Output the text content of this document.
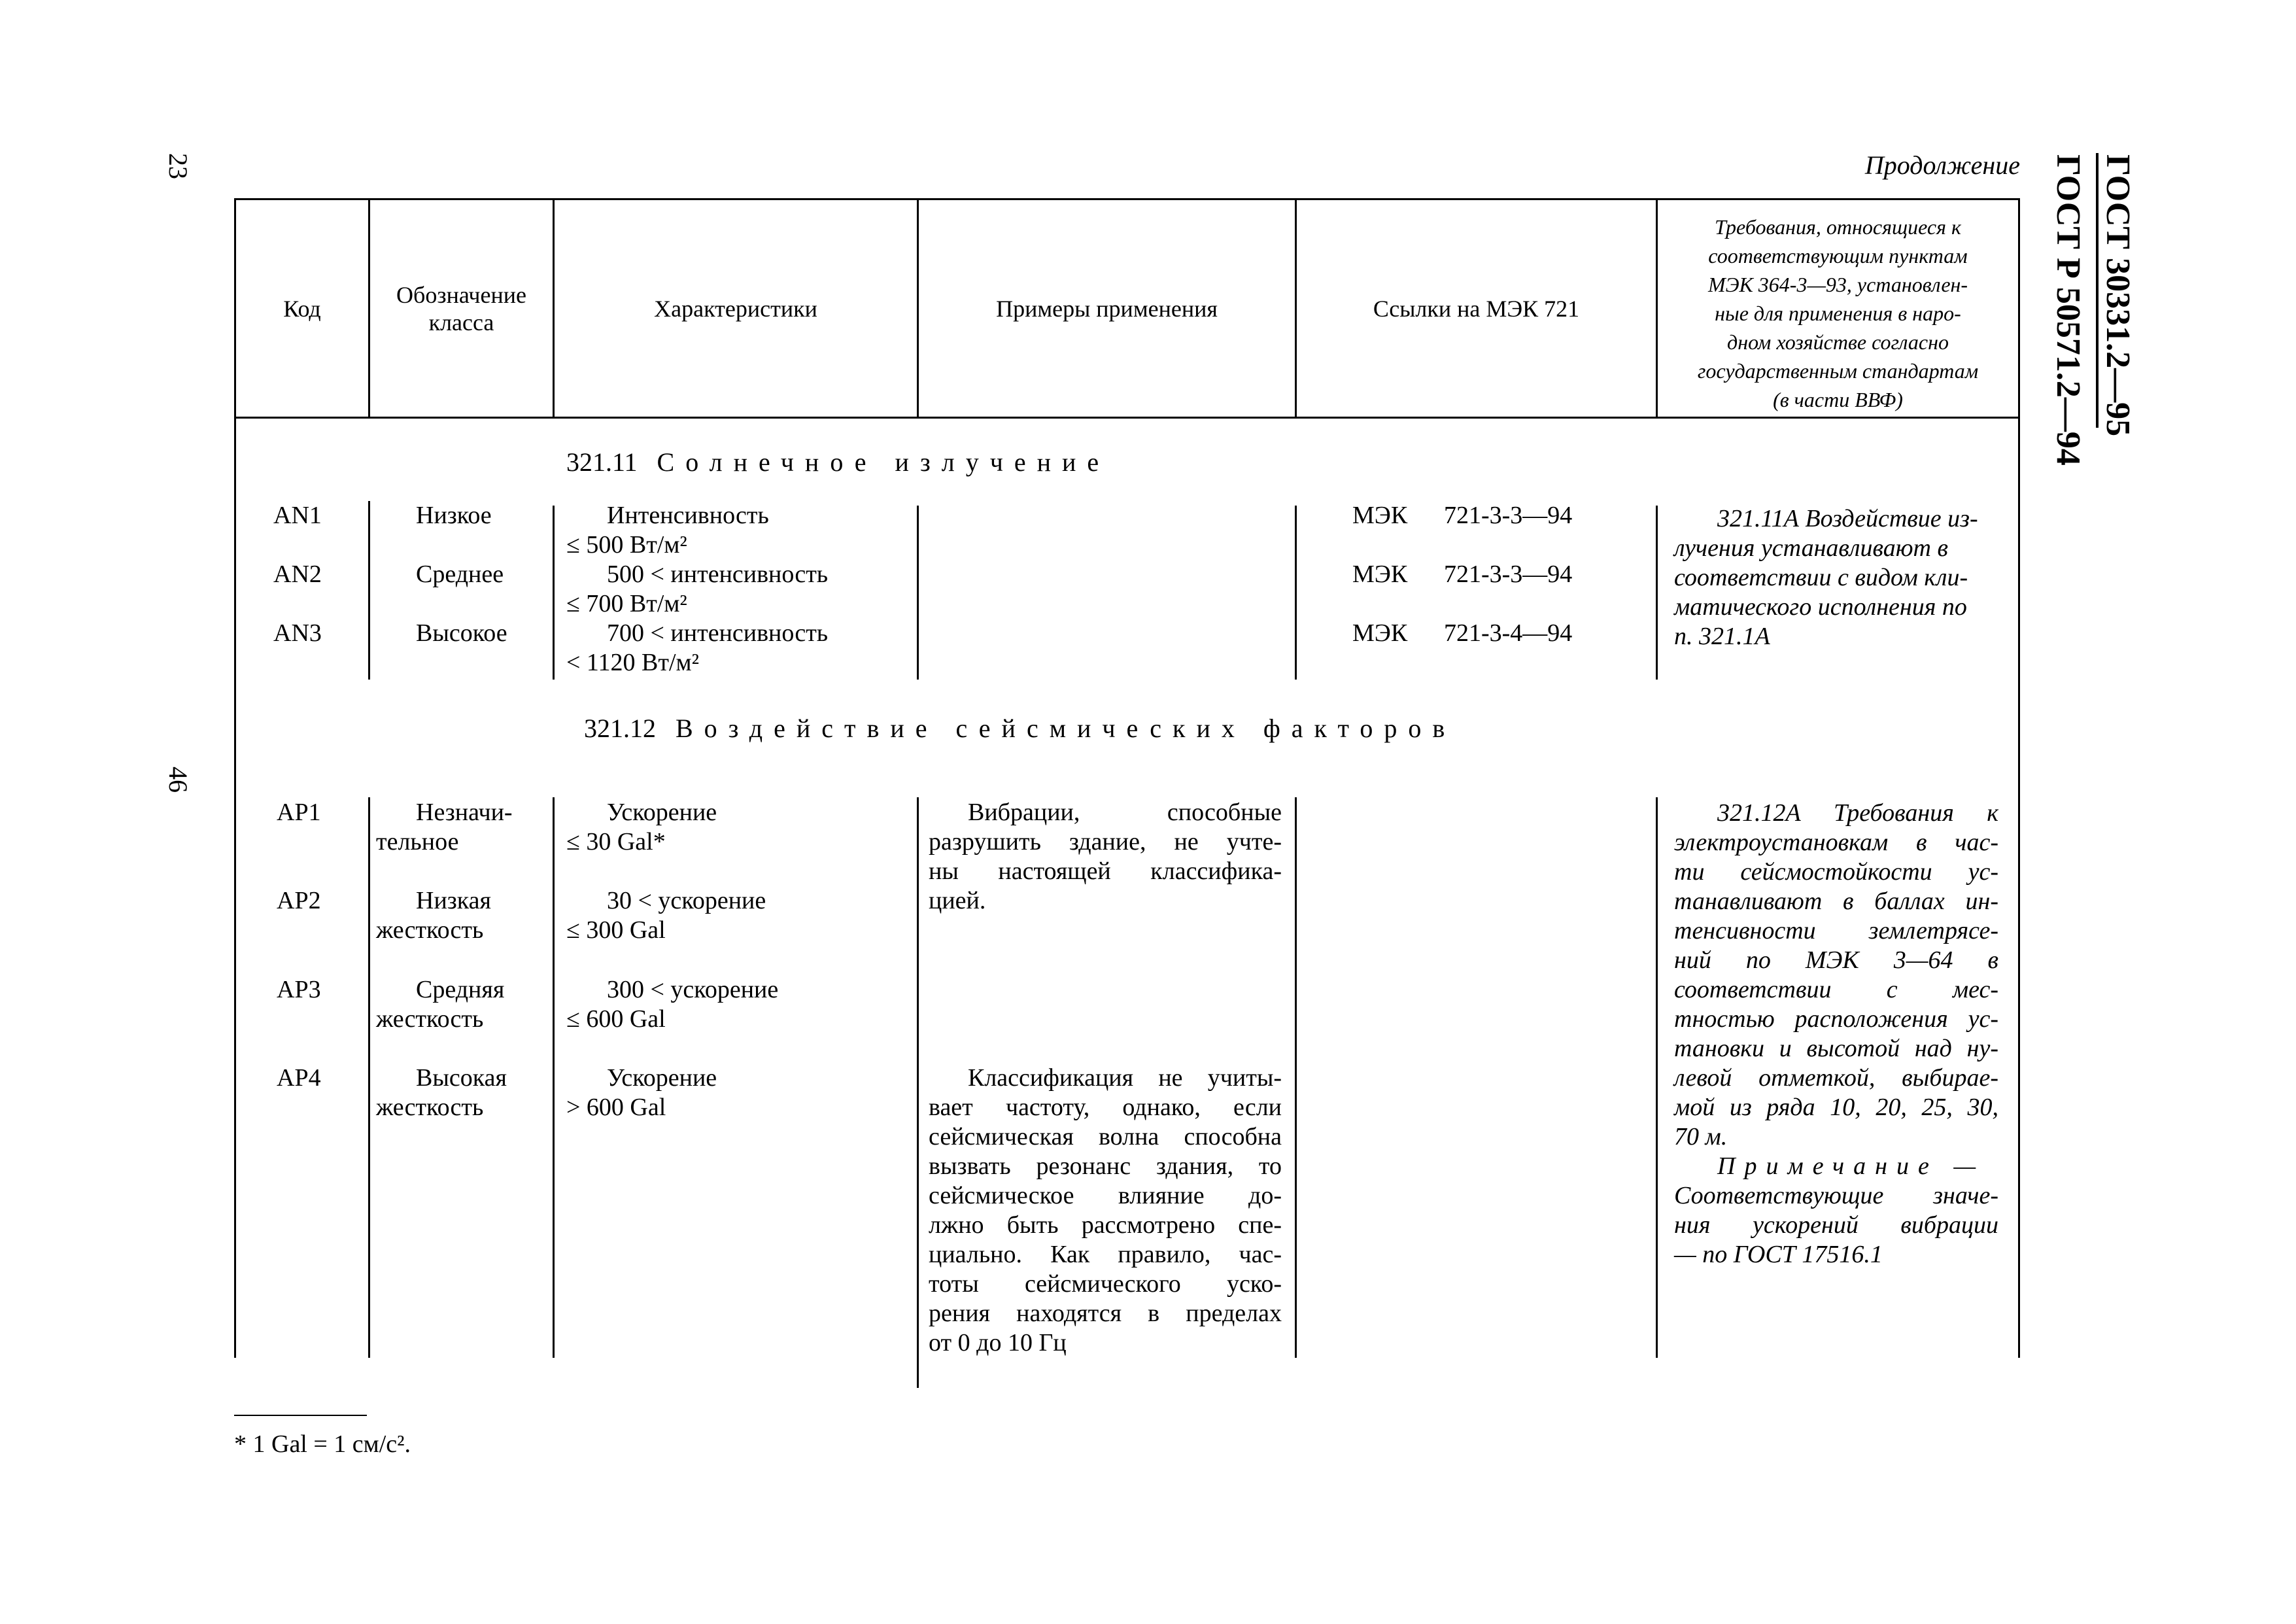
23
46
ГОСТ 30331.2—95
ГОСТ Р 50571.2—94
Продолжение
Код
Обозначение
класса
Характеристики	Примеры применения	Ссылки на МЭК 721
Требования, относящиеся к
соответствующим пунктам
МЭК 364-3—93, установлен-
ные для применения в наро-
дном хозяйстве согласно
государственным стандартам
(в части ВВФ)
321.11 Солнечное излучение
AN1
AN2
AN3
Низкое
Среднее
Высокое
Интенсивность
≤ 500 Вт/м²
500 < интенсивность
≤ 700 Вт/м²
700 < интенсивность
< 1120 Вт/м²
МЭК 721-3-3—94
МЭК 721-3-3—94
МЭК 721-3-4—94
321.11А Воздействие из-
лучения устанавливают в
соответствии с видом кли-
матического исполнения по
п. 321.1А
321.12 Воздействие сейсмических факторов
AP1
AP2
AP3
AP4
Незначи-
тельное
Низкая
жесткость
Средняя
жесткость
Высокая
жесткость
Ускорение
≤ 30 Gal*
30 < ускорение
≤ 300 Gal
300 < ускорение
≤ 600 Gal
Ускорение
> 600 Gal
Вибрации, способные
разрушить здание, не учте-
ны настоящей классифика-
цией.
Классификация не учиты-
вает частоту, однако, если
сейсмическая волна способна
вызвать резонанс здания, то
сейсмическое влияние до-
лжно быть рассмотрено спе-
циально. Как правило, час-
тоты сейсмического уско-
рения находятся в пределах
от 0 до 10 Гц
321.12А Требования к
электроустановкам в час-
ти сейсмостойкости ус-
танавливают в баллах ин-
тенсивности землетрясе-
ний по МЭК 3—64 в
соответствии с мес-
тностью расположения ус-
тановки и высотой над ну-
левой отметкой, выбирае-
мой из ряда 10, 20, 25, 30,
70 м.
Примечание —
Соответствующие значе-
ния ускорений вибрации
— по ГОСТ 17516.1
* 1 Gal = 1 см/с².
